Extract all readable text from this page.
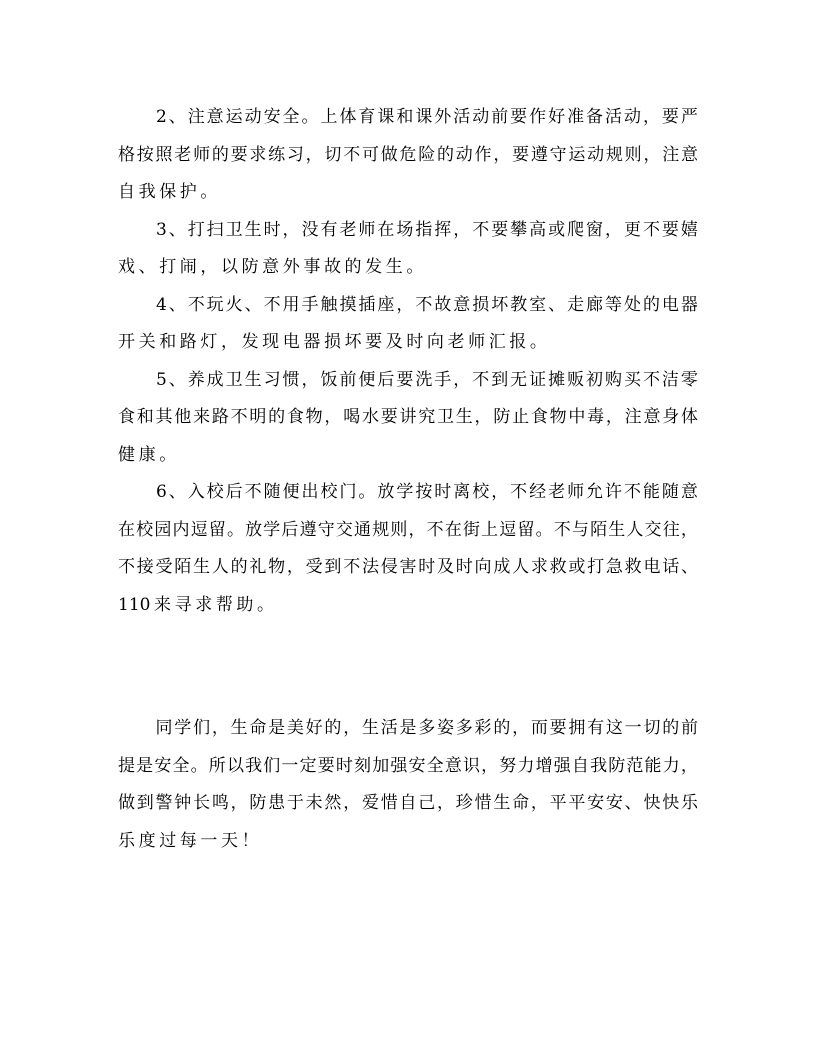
2 、 注 意 运 动 安 全 。 上 体 育 课 和 课 外 活 动 前 要 作 好 准 备 活 动 ， 要 严
格 按 照 老 师 的 要 求 练 习 ， 切 不 可 做 危 险 的 动 作 ， 要 遵 守 运 动 规 则 ， 注 意
自 我 保 护 。

3 、 打 扫 卫 生 时 ， 没 有 老 师 在 场 指 挥 ， 不 要 攀 高 或 爬 窗 ， 更 不 要 嬉
戏 、 打 闹 ， 以 防 意 外 事 故 的 发 生 。

4 、 不 玩 火 、 不 用 手 触 摸 插 座 ， 不 故 意 损 坏 教 室 、 走 廊 等 处 的 电 器
开 关 和 路 灯 ， 发 现 电 器 损 坏 要 及 时 向 老 师 汇 报 。

5 、 养 成 卫 生 习 惯 ， 饭 前 便 后 要 洗 手 ， 不 到 无 证 摊 贩 初 购 买 不 洁 零
食 和 其 他 来 路 不 明 的 食 物 ， 喝 水 要 讲 究 卫 生 ， 防 止 食 物 中 毒 ， 注 意 身 体
健 康 。

6 、 入 校 后 不 随 便 出 校 门 。 放 学 按 时 离 校 ， 不 经 老 师 允 许 不 能 随 意
在 校 园 内 逗 留 。 放 学 后 遵 守 交 通 规 则 ， 不 在 街 上 逗 留 。 不 与 陌 生 人 交 往 ，
不 接 受 陌 生 人 的 礼 物 ， 受 到 不 法 侵 害 时 及 时 向 成 人 求 救 或 打 急 救 电 话 、
110 来 寻 求 帮 助 。

同 学 们 ， 生 命 是 美 好 的 ， 生 活 是 多 姿 多 彩 的 ， 而 要 拥 有 这 一 切 的 前
提 是 安 全 。 所 以 我 们 一 定 要 时 刻 加 强 安 全 意 识 ， 努 力 增 强 自 我 防 范 能 力 ，
做 到 警 钟 长 鸣 ， 防 患 于 未 然 ， 爱 惜 自 己 ， 珍 惜 生 命 ， 平 平 安 安 、 快 快 乐
乐 度 过 每 一 天 ！
